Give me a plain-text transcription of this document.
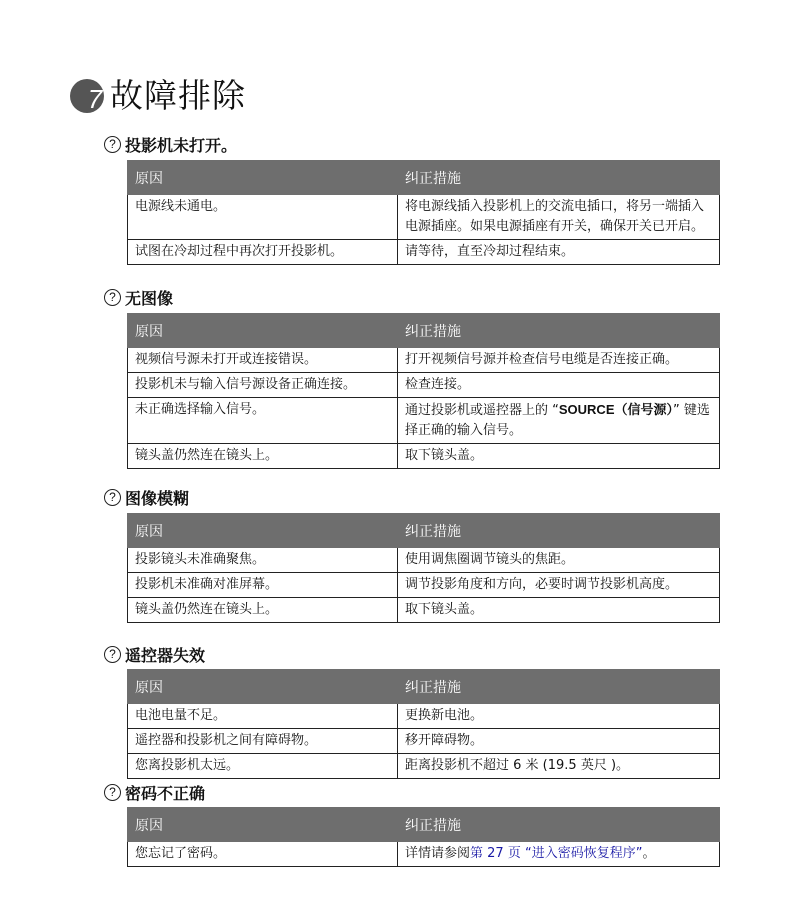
7 故障排除
? 投影机未打开。
原因	纠正措施
电源线未通电。	将电源线插入投影机上的交流电插口，将另一端插入电源插座。如果电源插座有开关，确保开关已开启。
试图在冷却过程中再次打开投影机。	请等待，直至冷却过程结束。
? 无图像
原因	纠正措施
视频信号源未打开或连接错误。	打开视频信号源并检查信号电缆是否连接正确。
投影机未与输入信号源设备正确连接。	检查连接。
未正确选择输入信号。	通过投影机或遥控器上的 “SOURCE（信号源）” 键选择正确的输入信号。
镜头盖仍然连在镜头上。	取下镜头盖。
? 图像模糊
原因	纠正措施
投影镜头未准确聚焦。	使用调焦圈调节镜头的焦距。
投影机未准确对准屏幕。	调节投影角度和方向，必要时调节投影机高度。
镜头盖仍然连在镜头上。	取下镜头盖。
? 遥控器失效
原因	纠正措施
电池电量不足。	更换新电池。
遥控器和投影机之间有障碍物。	移开障碍物。
您离投影机太远。	距离投影机不超过 6 米 (19.5 英尺 )。
? 密码不正确
原因	纠正措施
您忘记了密码。	详情请参阅第 27 页 “进入密码恢复程序”。
